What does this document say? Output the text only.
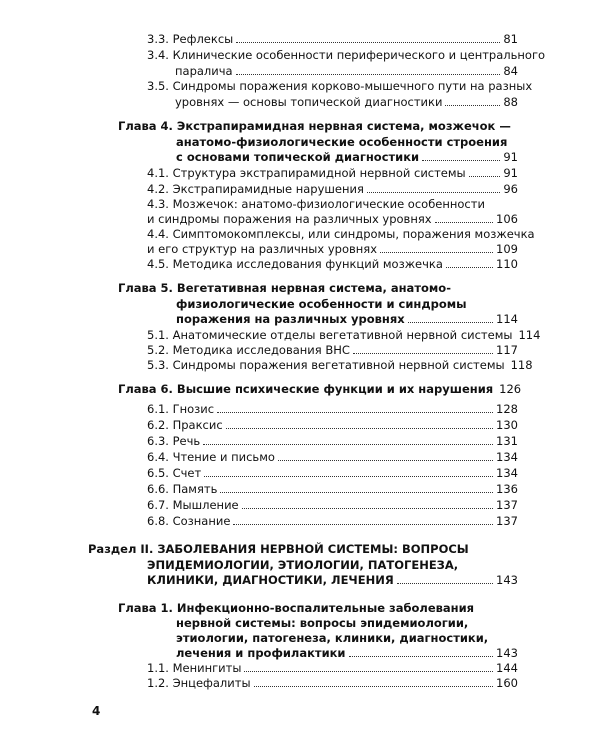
3.3. Рефлексы	81
3.4. Клинические особенности периферического и центрального
паралича	84
3.5. Синдромы поражения корково-мышечного пути на разных
уровнях — основы топической диагностики	88
Глава 4. Экстрапирамидная нервная система, мозжечок —
анатомо-физиологические особенности строения
с основами топической диагностики	91
4.1. Структура экстрапирамидной нервной системы	91
4.2. Экстрапирамидные нарушения	96
4.3. Мозжечок: анатомо-физиологические особенности
и синдромы поражения на различных уровнях	106
4.4. Симптомокомплексы, или синдромы, поражения мозжечка
и его структур на различных уровнях	109
4.5. Методика исследования функций мозжечка	110
Глава 5. Вегетативная нервная система, анатомо-
физиологические особенности и синдромы
поражения на различных уровнях	114
5.1. Анатомические отделы вегетативной нервной системы 114
5.2. Методика исследования ВНС	117
5.3. Синдромы поражения вегетативной нервной системы 118
Глава 6. Высшие психические функции и их нарушения 126
6.1. Гнозис	128
6.2. Праксис	130
6.3. Речь	131
6.4. Чтение и письмо	134
6.5. Счет	134
6.6. Память	136
6.7. Мышление	137
6.8. Сознание	137
Раздел II. ЗАБОЛЕВАНИЯ НЕРВНОЙ СИСТЕМЫ: ВОПРОСЫ
ЭПИДЕМИОЛОГИИ, ЭТИОЛОГИИ, ПАТОГЕНЕЗА,
КЛИНИКИ, ДИАГНОСТИКИ, ЛЕЧЕНИЯ	143
Глава 1. Инфекционно-воспалительные заболевания
нервной системы: вопросы эпидемиологии,
этиологии, патогенеза, клиники, диагностики,
лечения и профилактики	143
1.1. Менингиты	144
1.2. Энцефалиты	160
4
